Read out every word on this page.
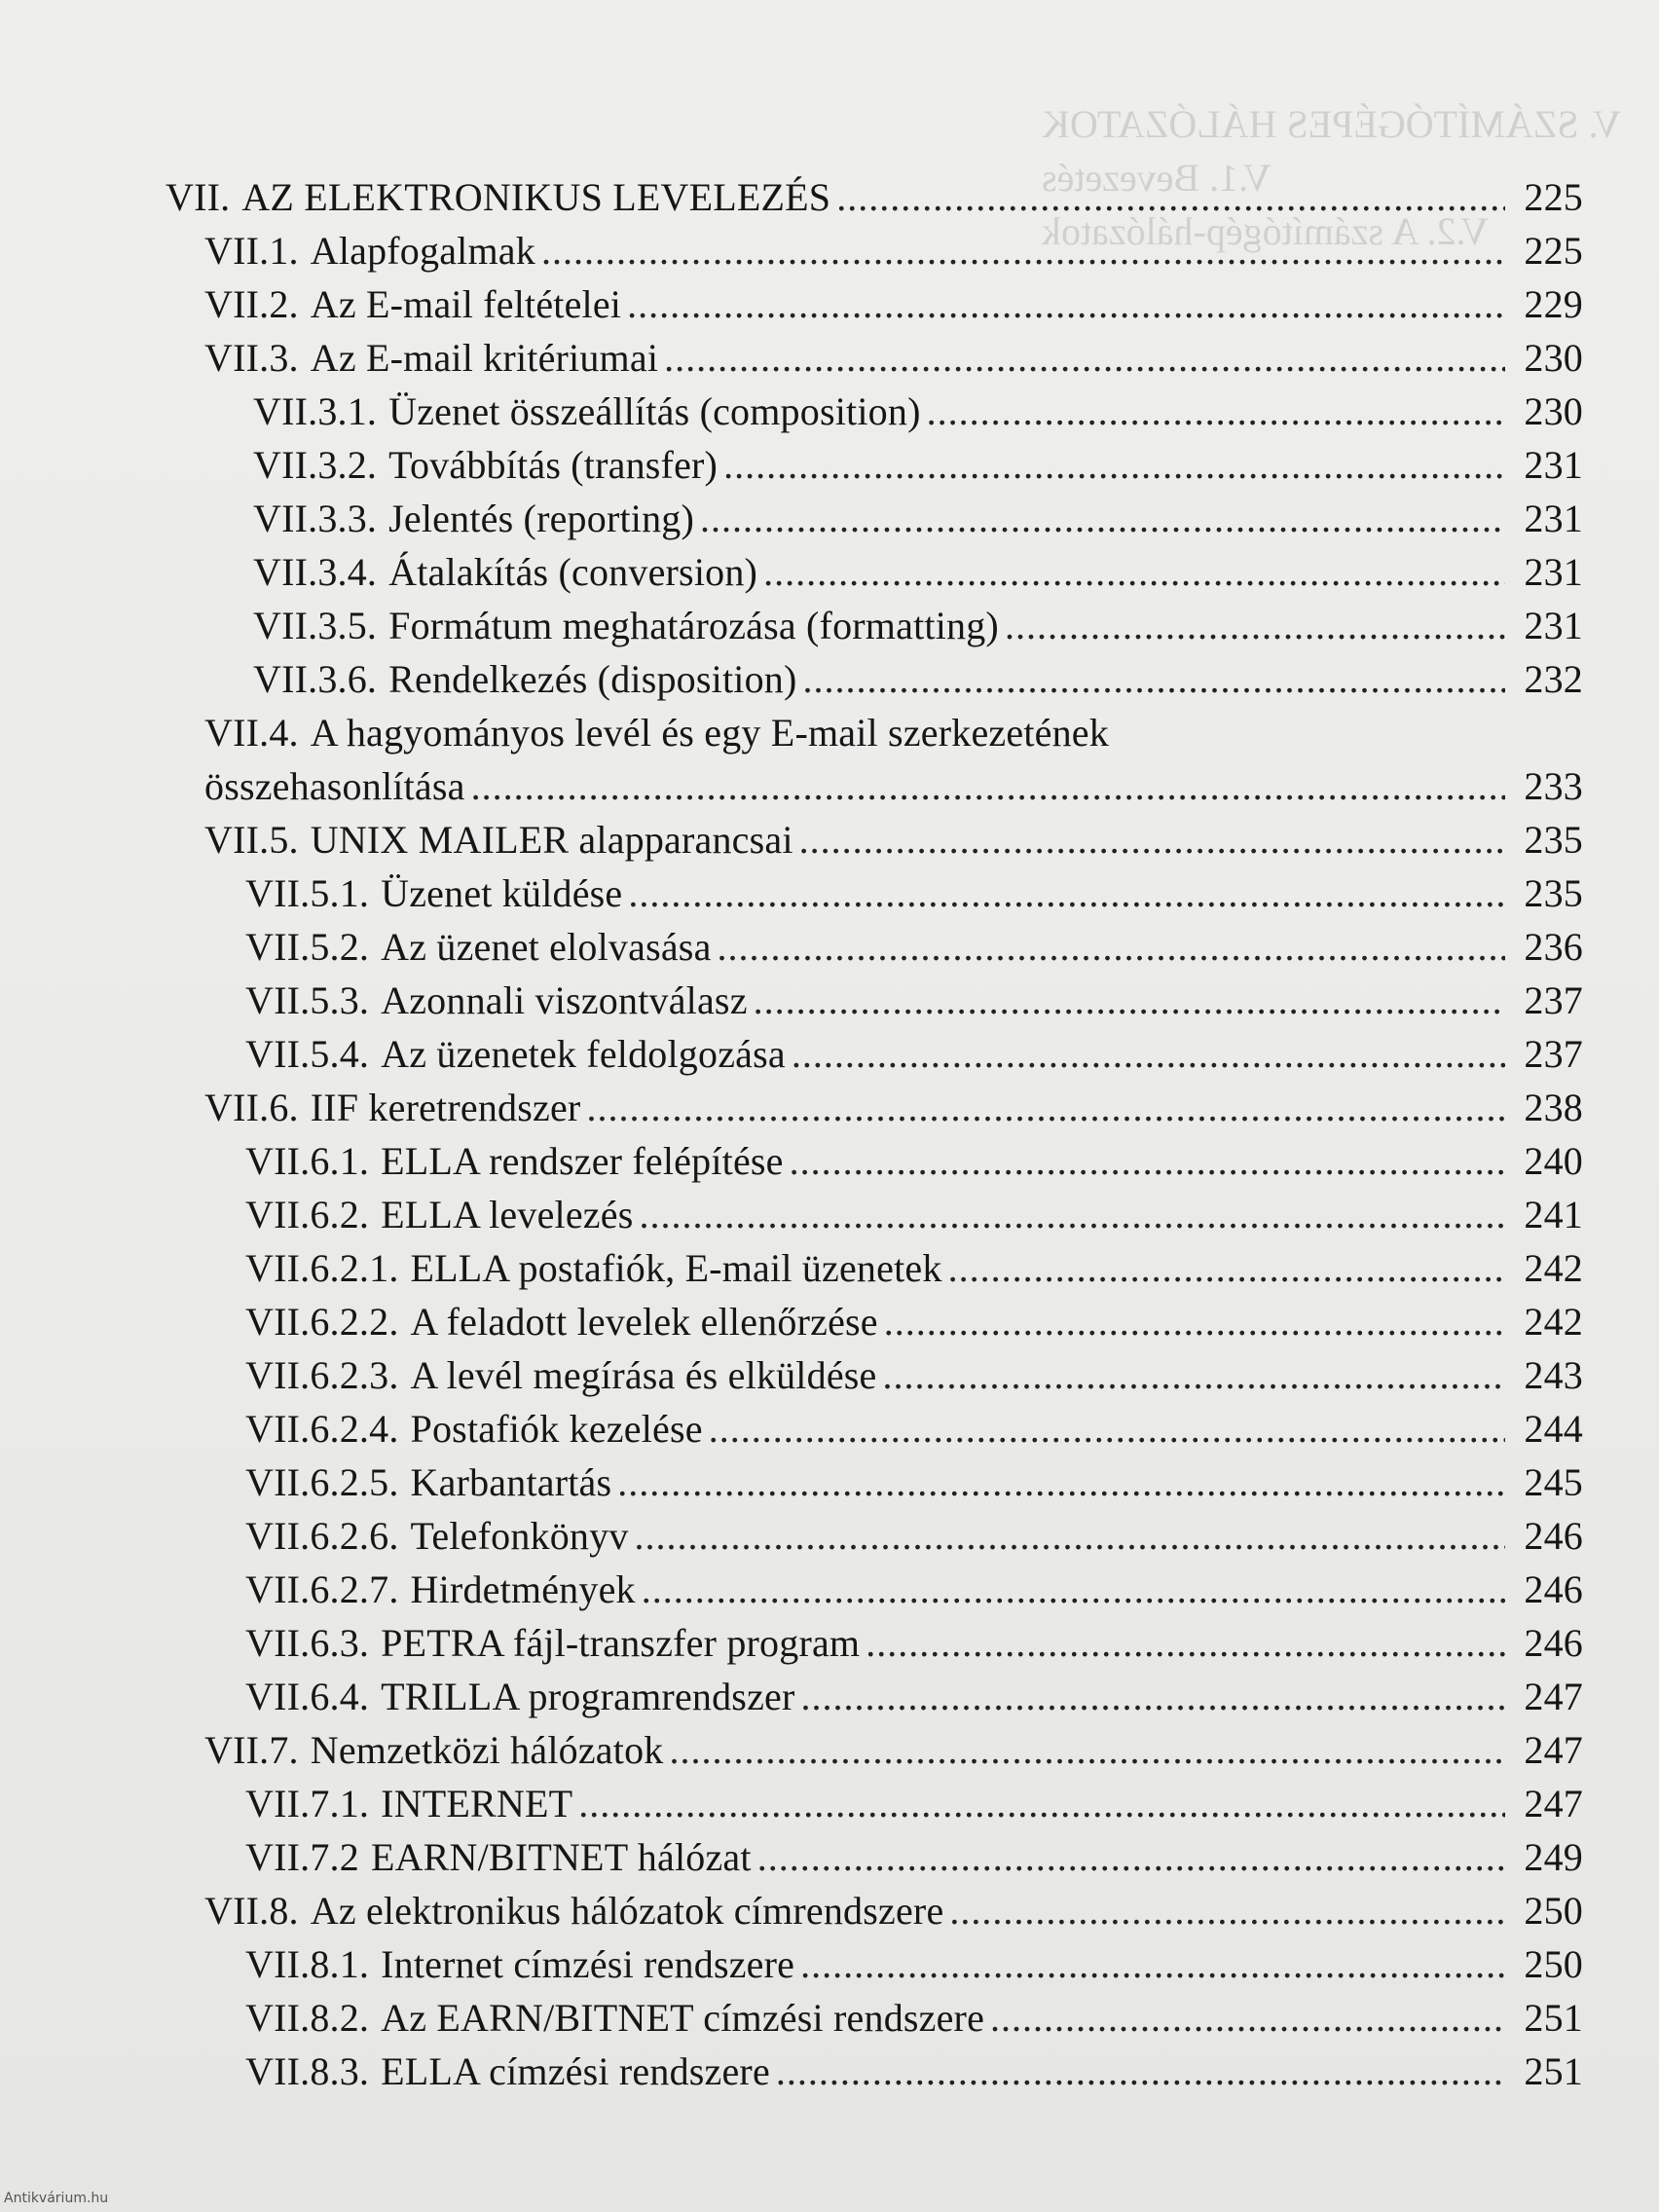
V. SZÁMÍTÓGÉPES HÁLÓZATOK
V.1. Bevezetés
V.2. A számítógép-hálózatok
VII. AZ ELEKTRONIKUS LEVELEZÉS .....	225
VII.1. Alapfogalmak .....	225
VII.2. Az E-mail feltételei .....	229
VII.3. Az E-mail kritériumai .....	230
VII.3.1. Üzenet összeállítás (composition) .....	230
VII.3.2. Továbbítás (transfer) .....	231
VII.3.3. Jelentés (reporting) .....	231
VII.3.4. Átalakítás (conversion) .....	231
VII.3.5. Formátum meghatározása (formatting) .....	231
VII.3.6. Rendelkezés (disposition) .....	232
VII.4. A hagyományos levél és egy E-mail szerkezetének
összehasonlítása .....	233
VII.5. UNIX MAILER alapparancsai .....	235
VII.5.1. Üzenet küldése .....	235
VII.5.2. Az üzenet elolvasása .....	236
VII.5.3. Azonnali viszontválasz .....	237
VII.5.4. Az üzenetek feldolgozása .....	237
VII.6. IIF keretrendszer .....	238
VII.6.1. ELLA rendszer felépítése .....	240
VII.6.2. ELLA levelezés .....	241
VII.6.2.1. ELLA postafiók, E-mail üzenetek .....	242
VII.6.2.2. A feladott levelek ellenőrzése .....	242
VII.6.2.3. A levél megírása és elküldése .....	243
VII.6.2.4. Postafiók kezelése .....	244
VII.6.2.5. Karbantartás .....	245
VII.6.2.6. Telefonkönyv .....	246
VII.6.2.7. Hirdetmények .....	246
VII.6.3. PETRA fájl-transzfer program .....	246
VII.6.4. TRILLA programrendszer .....	247
VII.7. Nemzetközi hálózatok .....	247
VII.7.1. INTERNET .....	247
VII.7.2 EARN/BITNET hálózat .....	249
VII.8. Az elektronikus hálózatok címrendszere .....	250
VII.8.1. Internet címzési rendszere .....	250
VII.8.2. Az EARN/BITNET címzési rendszere .....	251
VII.8.3. ELLA címzési rendszere .....	251
Antikvárium.hu
